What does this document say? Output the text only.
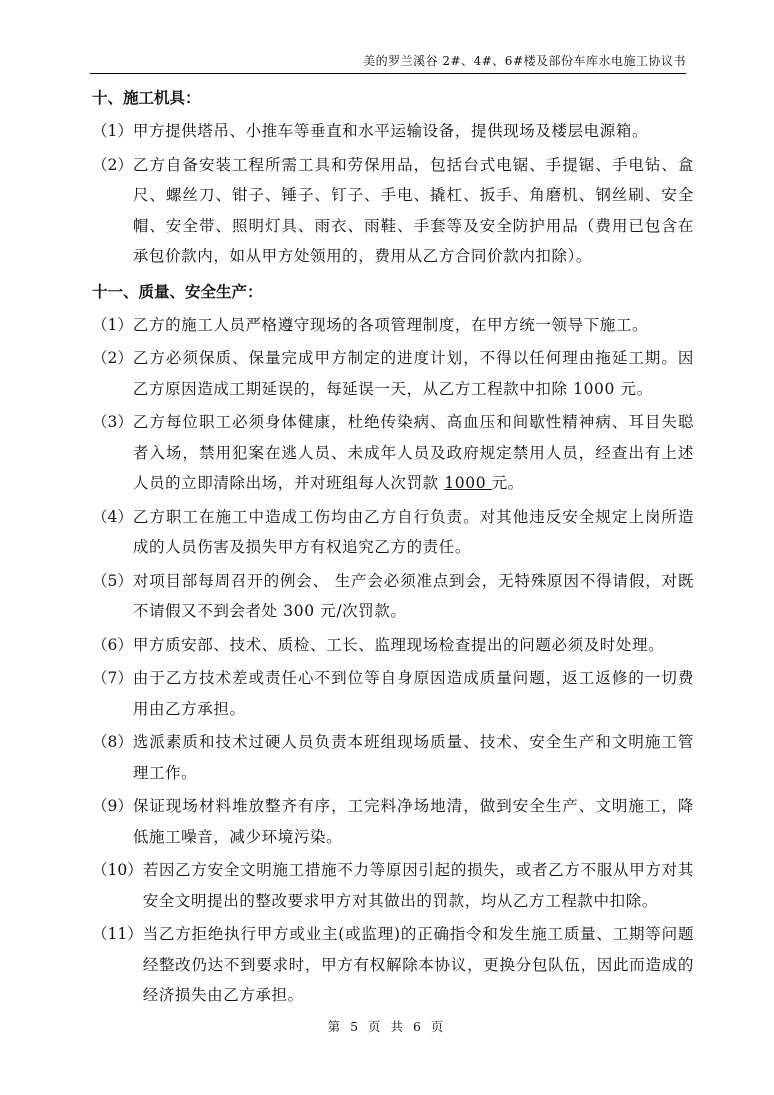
美的罗兰溪谷 2#、4#、6#楼及部份车库水电施工协议书

十、施工机具：

（1） 甲方提供塔吊、小推车等垂直和水平运输设备，提供现场及楼层电源箱。
（2） 乙方自备安装工程所需工具和劳保用品，包括台式电锯、手提锯、手电钻、盒尺、螺丝刀、钳子、锤子、钉子、手电、撬杠、扳手、角磨机、钢丝刷、安全帽、安全带、照明灯具、雨衣、雨鞋、手套等及安全防护用品（费用已包含在承包价款内，如从甲方处领用的，费用从乙方合同价款内扣除）。

十一、质量、安全生产：

（1） 乙方的施工人员严格遵守现场的各项管理制度，在甲方统一领导下施工。
（2） 乙方必须保质、保量完成甲方制定的进度计划，不得以任何理由拖延工期。因乙方原因造成工期延误的，每延误一天，从乙方工程款中扣除 1000 元。
（3） 乙方每位职工必须身体健康，杜绝传染病、高血压和间歇性精神病、耳目失聪者入场，禁用犯案在逃人员、未成年人员及政府规定禁用人员，经查出有上述人员的立即清除出场，并对班组每人次罚款 1000 元。
（4） 乙方职工在施工中造成工伤均由乙方自行负责。对其他违反安全规定上岗所造成的人员伤害及损失甲方有权追究乙方的责任。
（5） 对项目部每周召开的例会、 生产会必须准点到会，无特殊原因不得请假，对既不请假又不到会者处 300 元/次罚款。
（6） 甲方质安部、技术、质检、工长、监理现场检查提出的问题必须及时处理。
（7） 由于乙方技术差或责任心不到位等自身原因造成质量问题，返工返修的一切费用由乙方承担。
（8） 选派素质和技术过硬人员负责本班组现场质量、技术、安全生产和文明施工管理工作。
（9） 保证现场材料堆放整齐有序，工完料净场地清，做到安全生产、文明施工，降低施工噪音，减少环境污染。
（10） 若因乙方安全文明施工措施不力等原因引起的损失，或者乙方不服从甲方对其安全文明提出的整改要求甲方对其做出的罚款，均从乙方工程款中扣除。
（11） 当乙方拒绝执行甲方或业主(或监理)的正确指令和发生施工质量、工期等问题经整改仍达不到要求时，甲方有权解除本协议，更换分包队伍，因此而造成的经济损失由乙方承担。
第 5 页 共 6 页
